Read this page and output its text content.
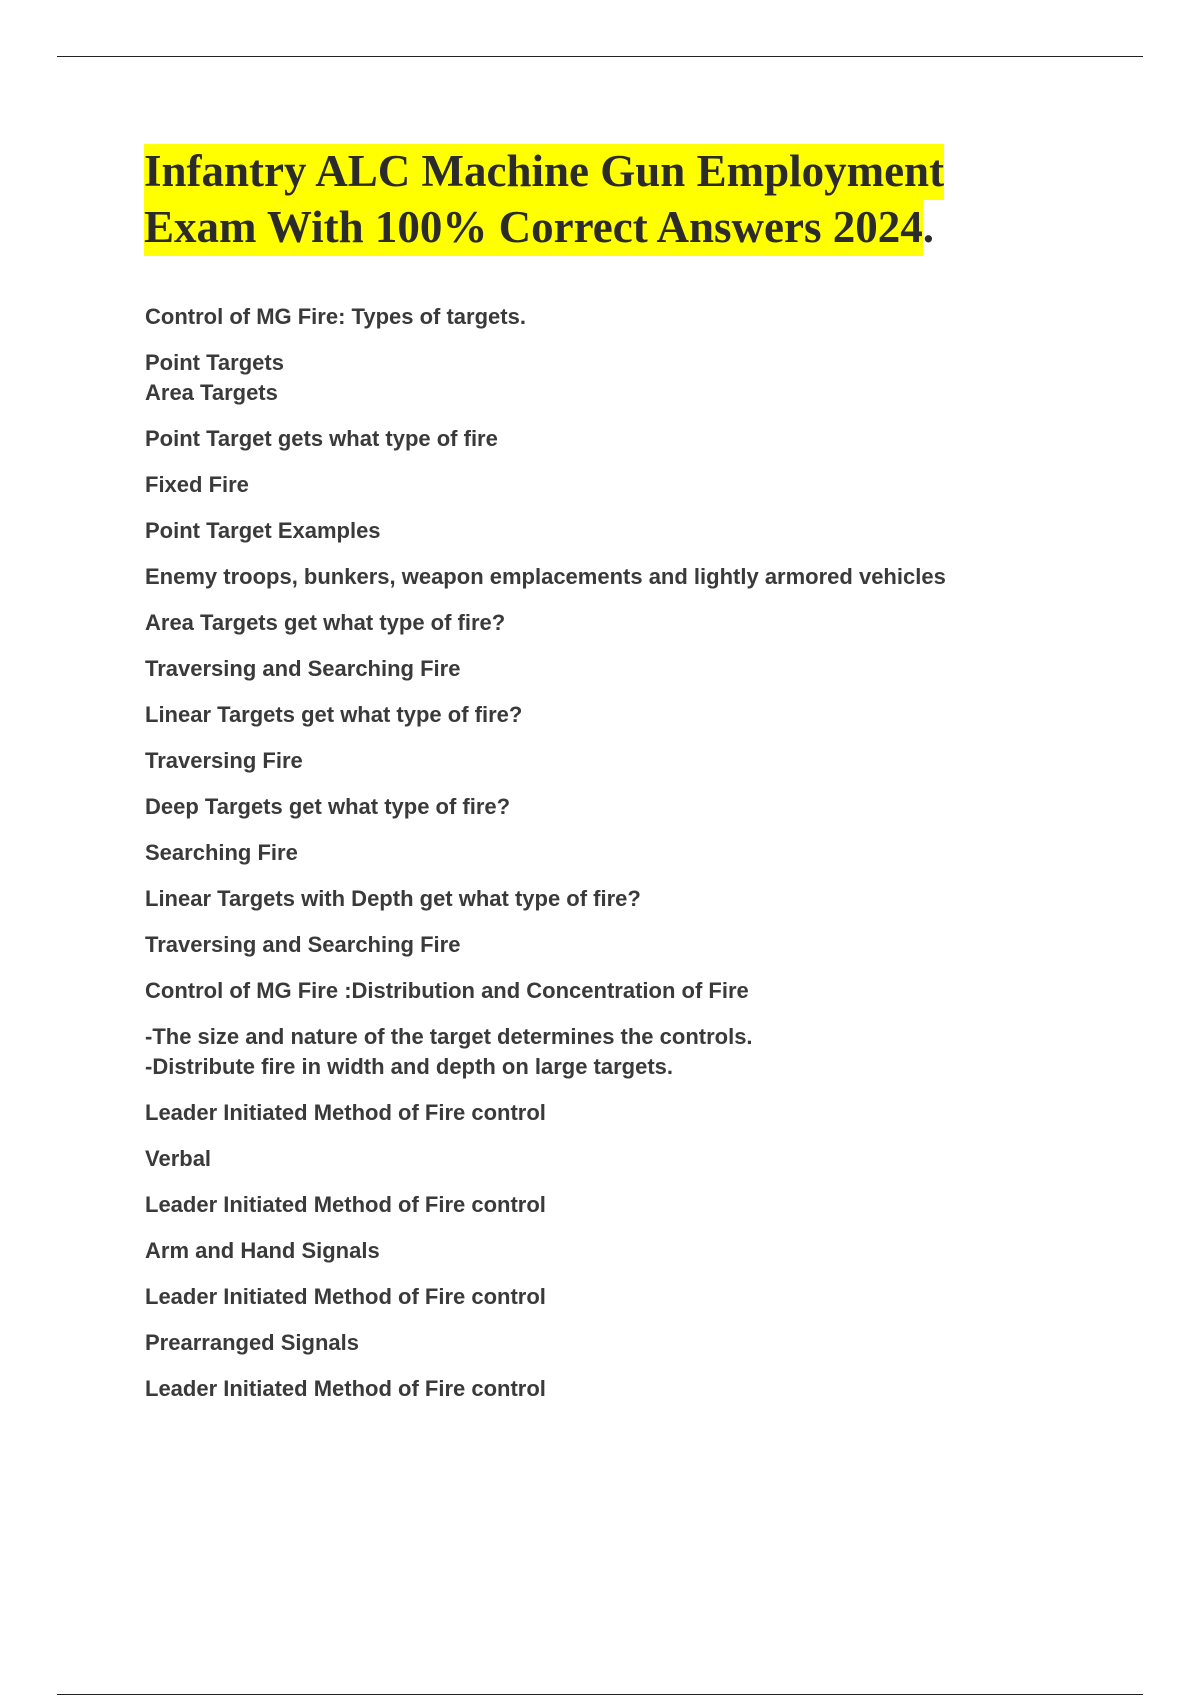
Infantry ALC Machine Gun Employment
Exam With 100% Correct Answers 2024.
Control of MG Fire: Types of targets.
Point Targets
Area Targets
Point Target gets what type of fire
Fixed Fire
Point Target Examples
Enemy troops, bunkers, weapon emplacements and lightly armored vehicles
Area Targets get what type of fire?
Traversing and Searching Fire
Linear Targets get what type of fire?
Traversing Fire
Deep Targets get what type of fire?
Searching Fire
Linear Targets with Depth get what type of fire?
Traversing and Searching Fire
Control of MG Fire :Distribution and Concentration of Fire
-The size and nature of the target determines the controls.
-Distribute fire in width and depth on large targets.
Leader Initiated Method of Fire control
Verbal
Leader Initiated Method of Fire control
Arm and Hand Signals
Leader Initiated Method of Fire control
Prearranged Signals
Leader Initiated Method of Fire control
